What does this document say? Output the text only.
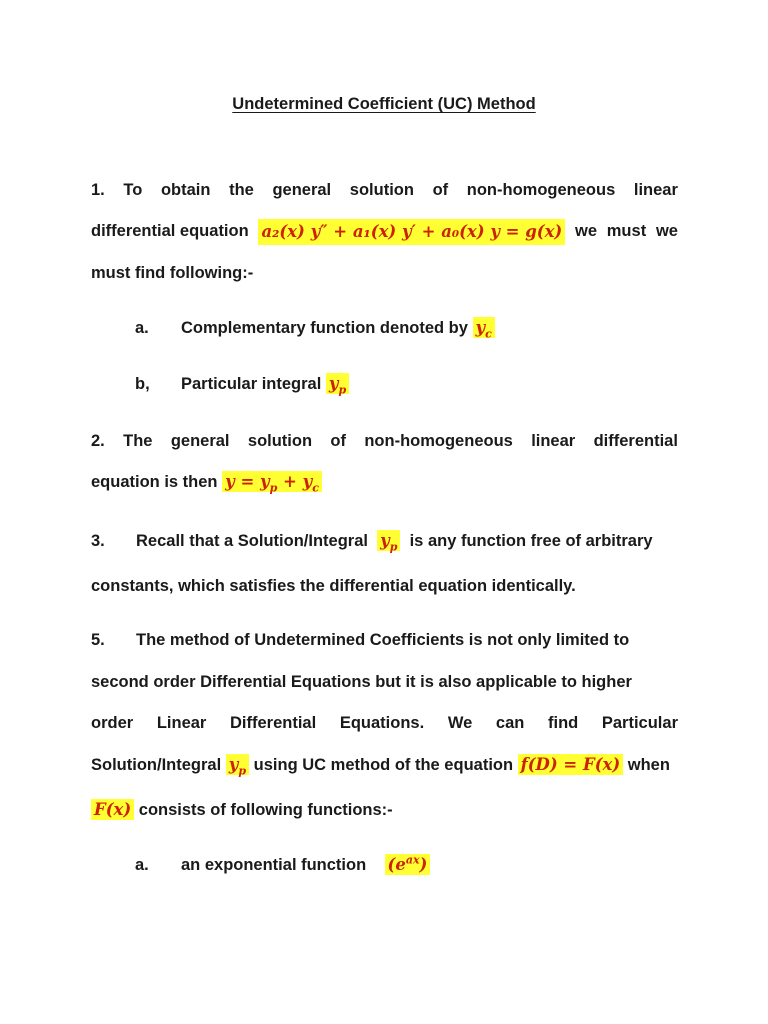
Undetermined Coefficient (UC) Method
1. To obtain the general solution of non-homogeneous linear
differential equation a₂(x) y″ + a₁(x) y′ + a₀(x) y = g(x) we must we
must find following:-
a. Complementary function denoted by $y_c$
b, Particular integral $y_p$
2. The general solution of non-homogeneous linear differential
equation is then $y = y_p + y_c$
3. Recall that a Solution/Integral $y_p$ is any function free of arbitrary
constants, which satisfies the differential equation identically.
5. The method of Undetermined Coefficients is not only limited to
second order Differential Equations but it is also applicable to higher
order Linear Differential Equations. We can find Particular
Solution/Integral $y_p$ using UC method of the equation f(D) = F(x) when
F(x) consists of following functions:-
a. an exponential function $(e^{ax})$
